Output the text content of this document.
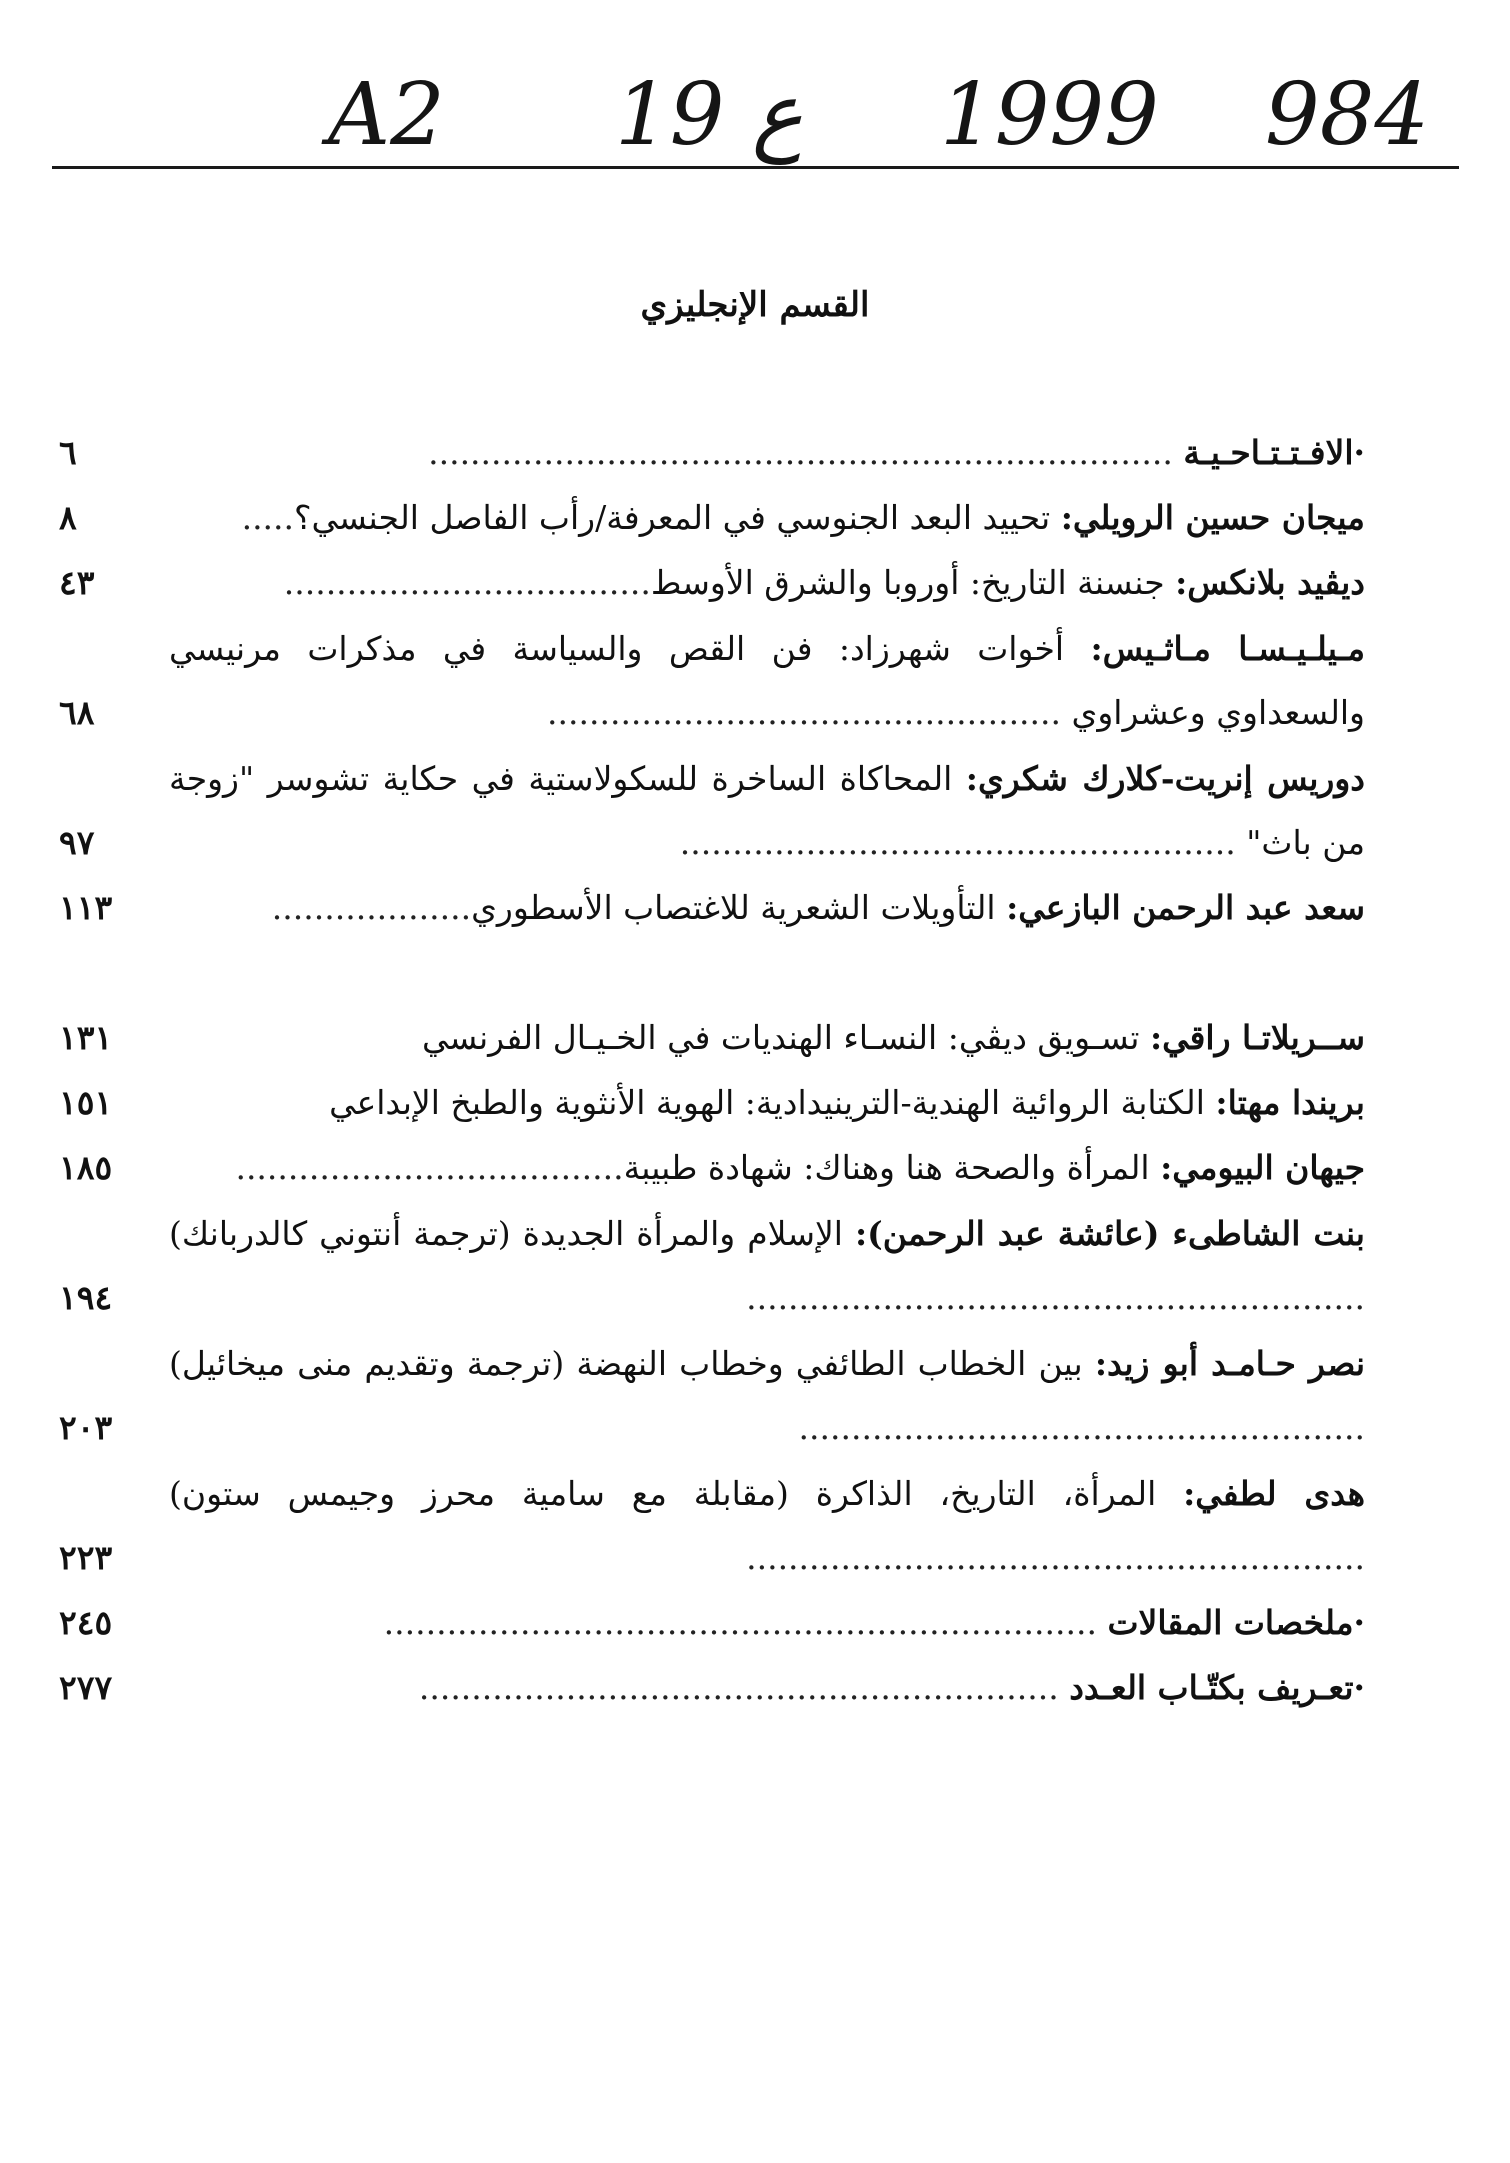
A2 19 ع 1999 984
القسم الإنجليزي
·الافـتـتـاحـيـة .......................................................................
٦
ميجان حسين الرويلي: تحييد البعد الجنوسي في المعرفة/رأب الفاصل الجنسي؟.....
٨
ديڤيد بلانكس: جنسنة التاريخ: أوروبا والشرق الأوسط...................................
٤٣
مـيلـيـسـا مـاثـيس: أخوات شهرزاد: فن القص والسياسة في مذكرات مرنيسي والسعداوي وعشراوي .................................................
٦٨
دوريس إنريت-كلارك شكري: المحاكاة الساخرة للسكولاستية في حكاية تشوسر "زوجة من باث" .....................................................
٩٧
سعد عبد الرحمن البازعي: التأويلات الشعرية للاغتصاب الأسطوري...................
١١٣
ســريلاتـا راقي: تسـويق ديڤي: النسـاء الهنديات في الخـيـال الفرنسي
١٣١
بريندا مهتا: الكتابة الروائية الهندية-الترينيدادية: الهوية الأنثوية والطبخ الإبداعي
١٥١
جيهان البيومي: المرأة والصحة هنا وهناك: شهادة طبيبة.....................................
١٨٥
بنت الشاطىء (عائشة عبد الرحمن): الإسلام والمرأة الجديدة (ترجمة أنتوني كالدربانك) ...........................................................
١٩٤
نصر حـامـد أبو زيد: بين الخطاب الطائفي وخطاب النهضة (ترجمة وتقديم منى ميخائيل) ......................................................
٢٠٣
هدى لطفي: المرأة، التاريخ، الذاكرة (مقابلة مع سامية محرز وجيمس ستون) ...........................................................
٢٢٣
·ملخصات المقالات ....................................................................
٢٤٥
·تعـريف بكتّـاب العـدد .............................................................
٢٧٧
